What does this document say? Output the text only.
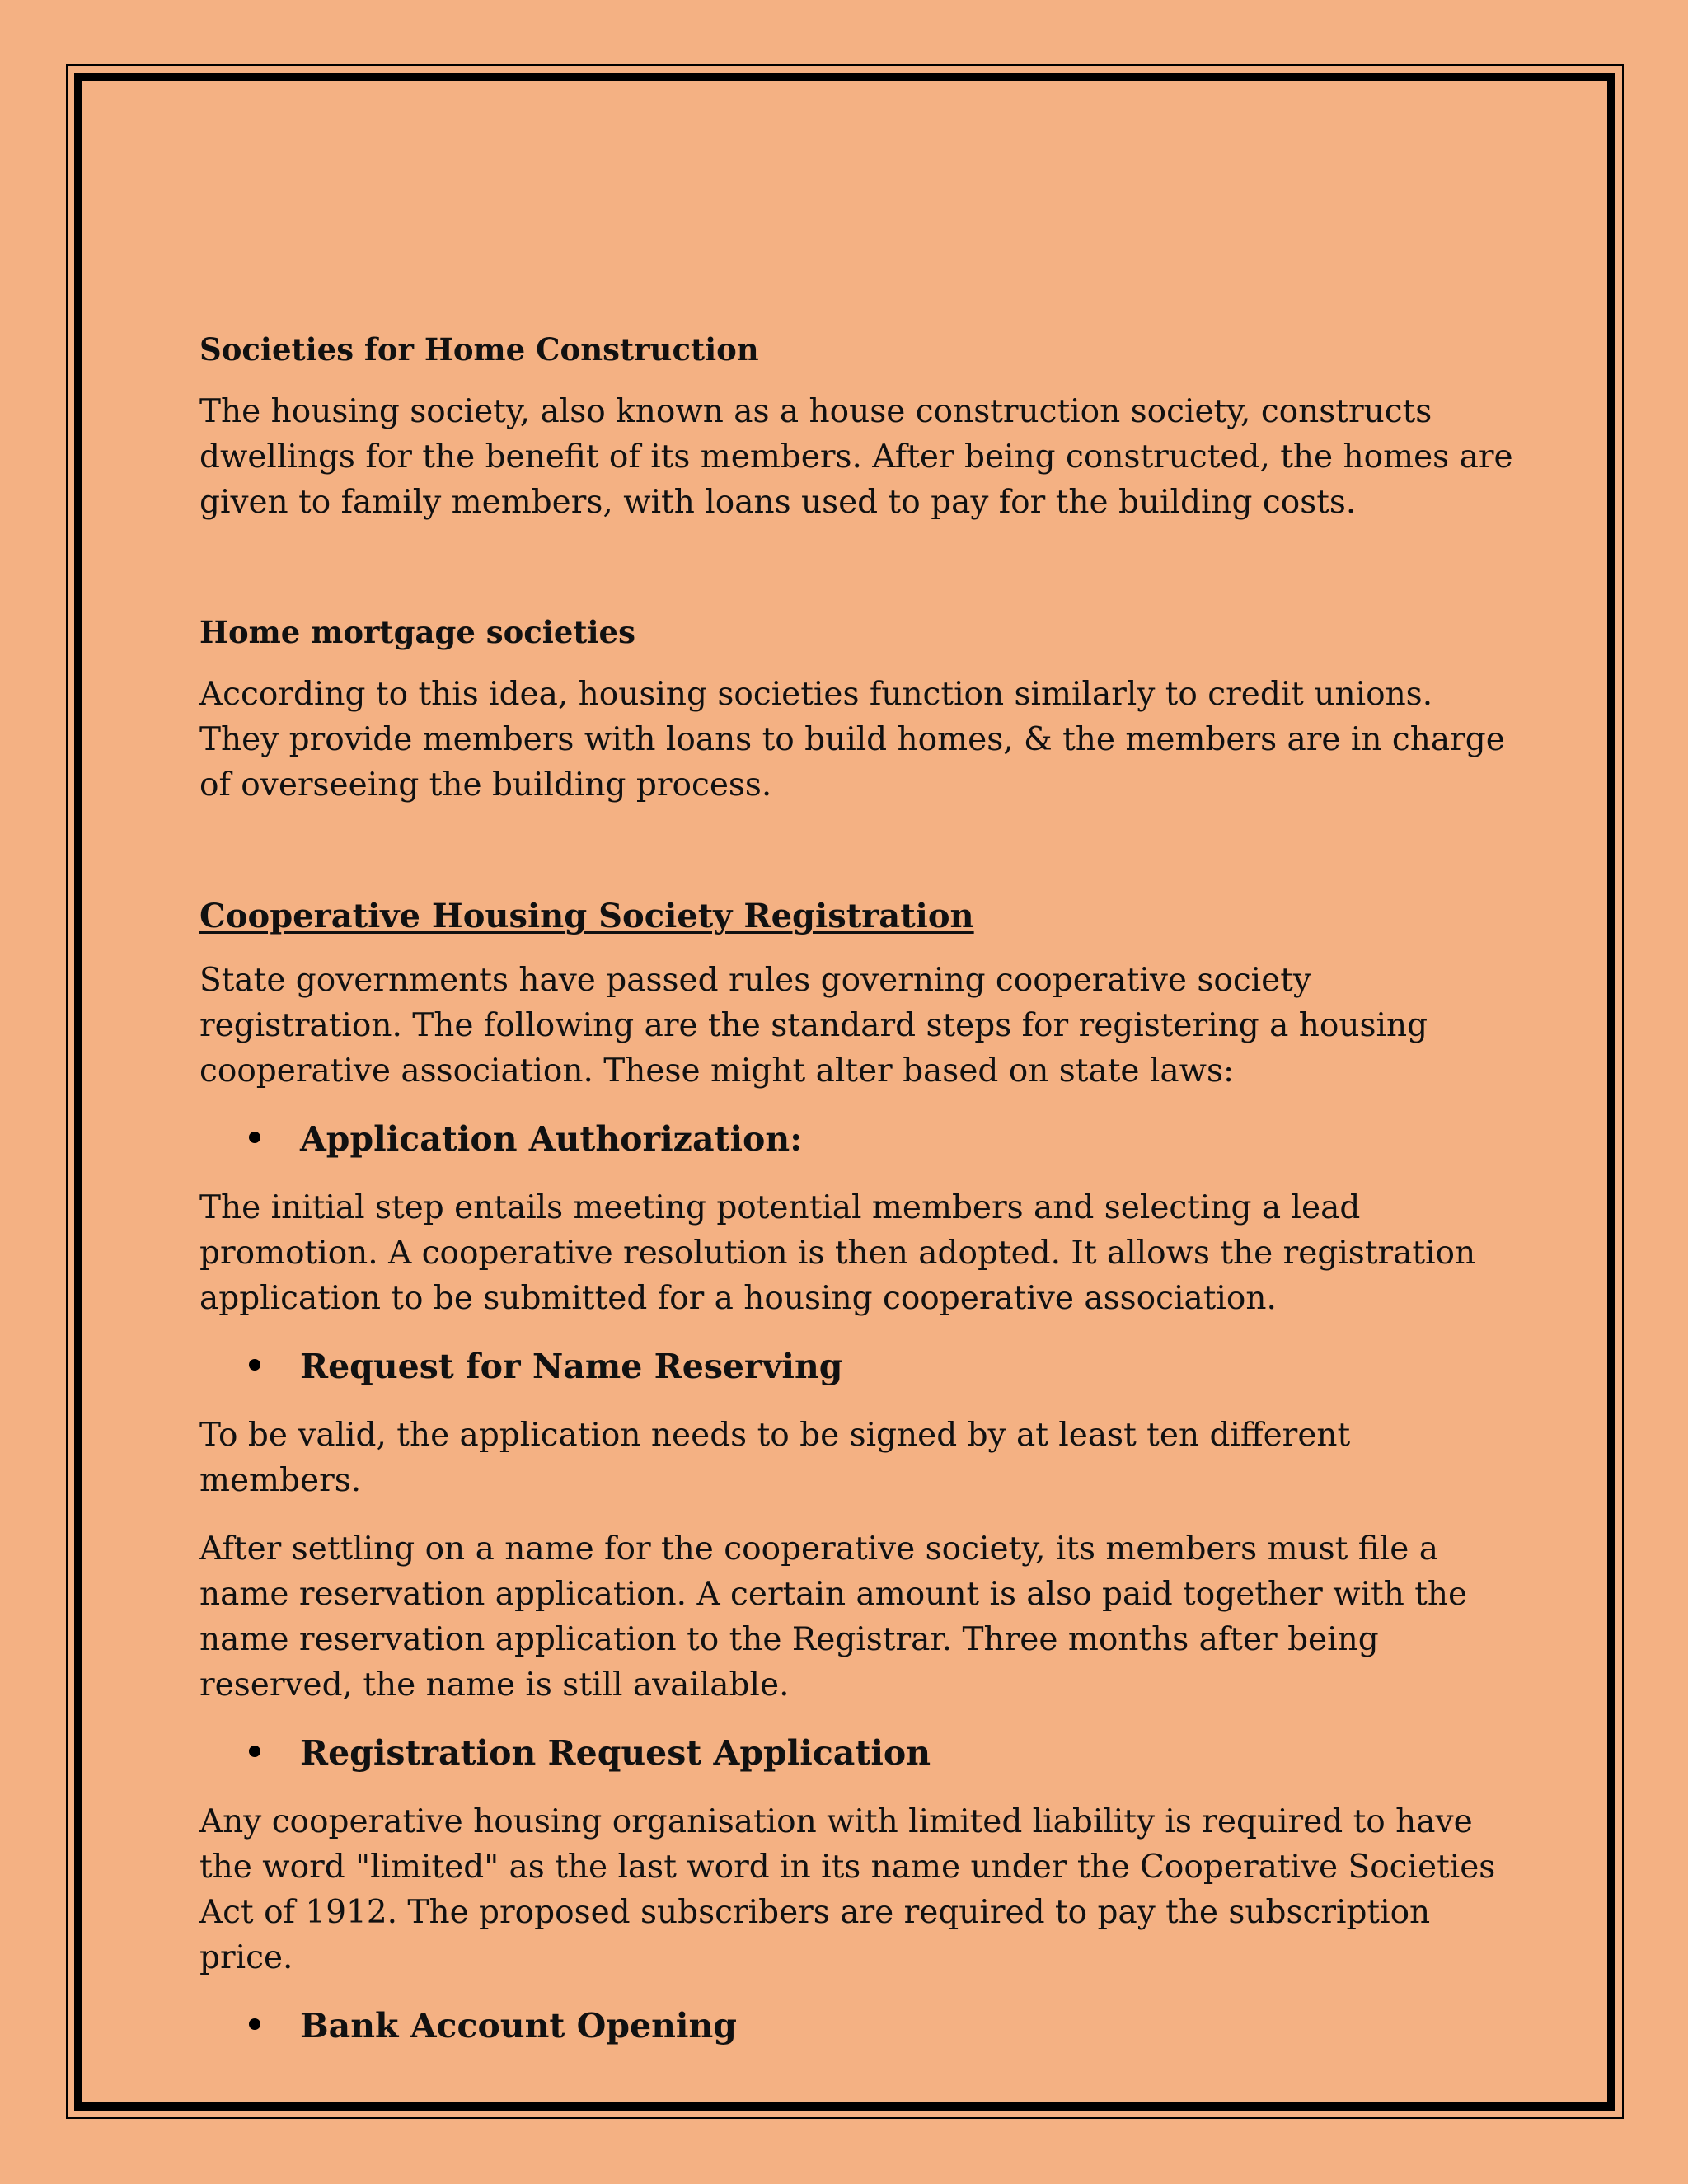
Societies for Home Construction

The housing society, also known as a house construction society, constructs dwellings for the benefit of its members. After being constructed, the homes are given to family members, with loans used to pay for the building costs.

Home mortgage societies

According to this idea, housing societies function similarly to credit unions. They provide members with loans to build homes, & the members are in charge of overseeing the building process.

Cooperative Housing Society Registration

State governments have passed rules governing cooperative society registration. The following are the standard steps for registering a housing cooperative association. These might alter based on state laws:

Application Authorization:

The initial step entails meeting potential members and selecting a lead promotion. A cooperative resolution is then adopted. It allows the registration application to be submitted for a housing cooperative association.

Request for Name Reserving

To be valid, the application needs to be signed by at least ten different members.

After settling on a name for the cooperative society, its members must file a name reservation application. A certain amount is also paid together with the name reservation application to the Registrar. Three months after being reserved, the name is still available.

Registration Request Application

Any cooperative housing organisation with limited liability is required to have the word "limited" as the last word in its name under the Cooperative Societies Act of 1912. The proposed subscribers are required to pay the subscription price.

Bank Account Opening
